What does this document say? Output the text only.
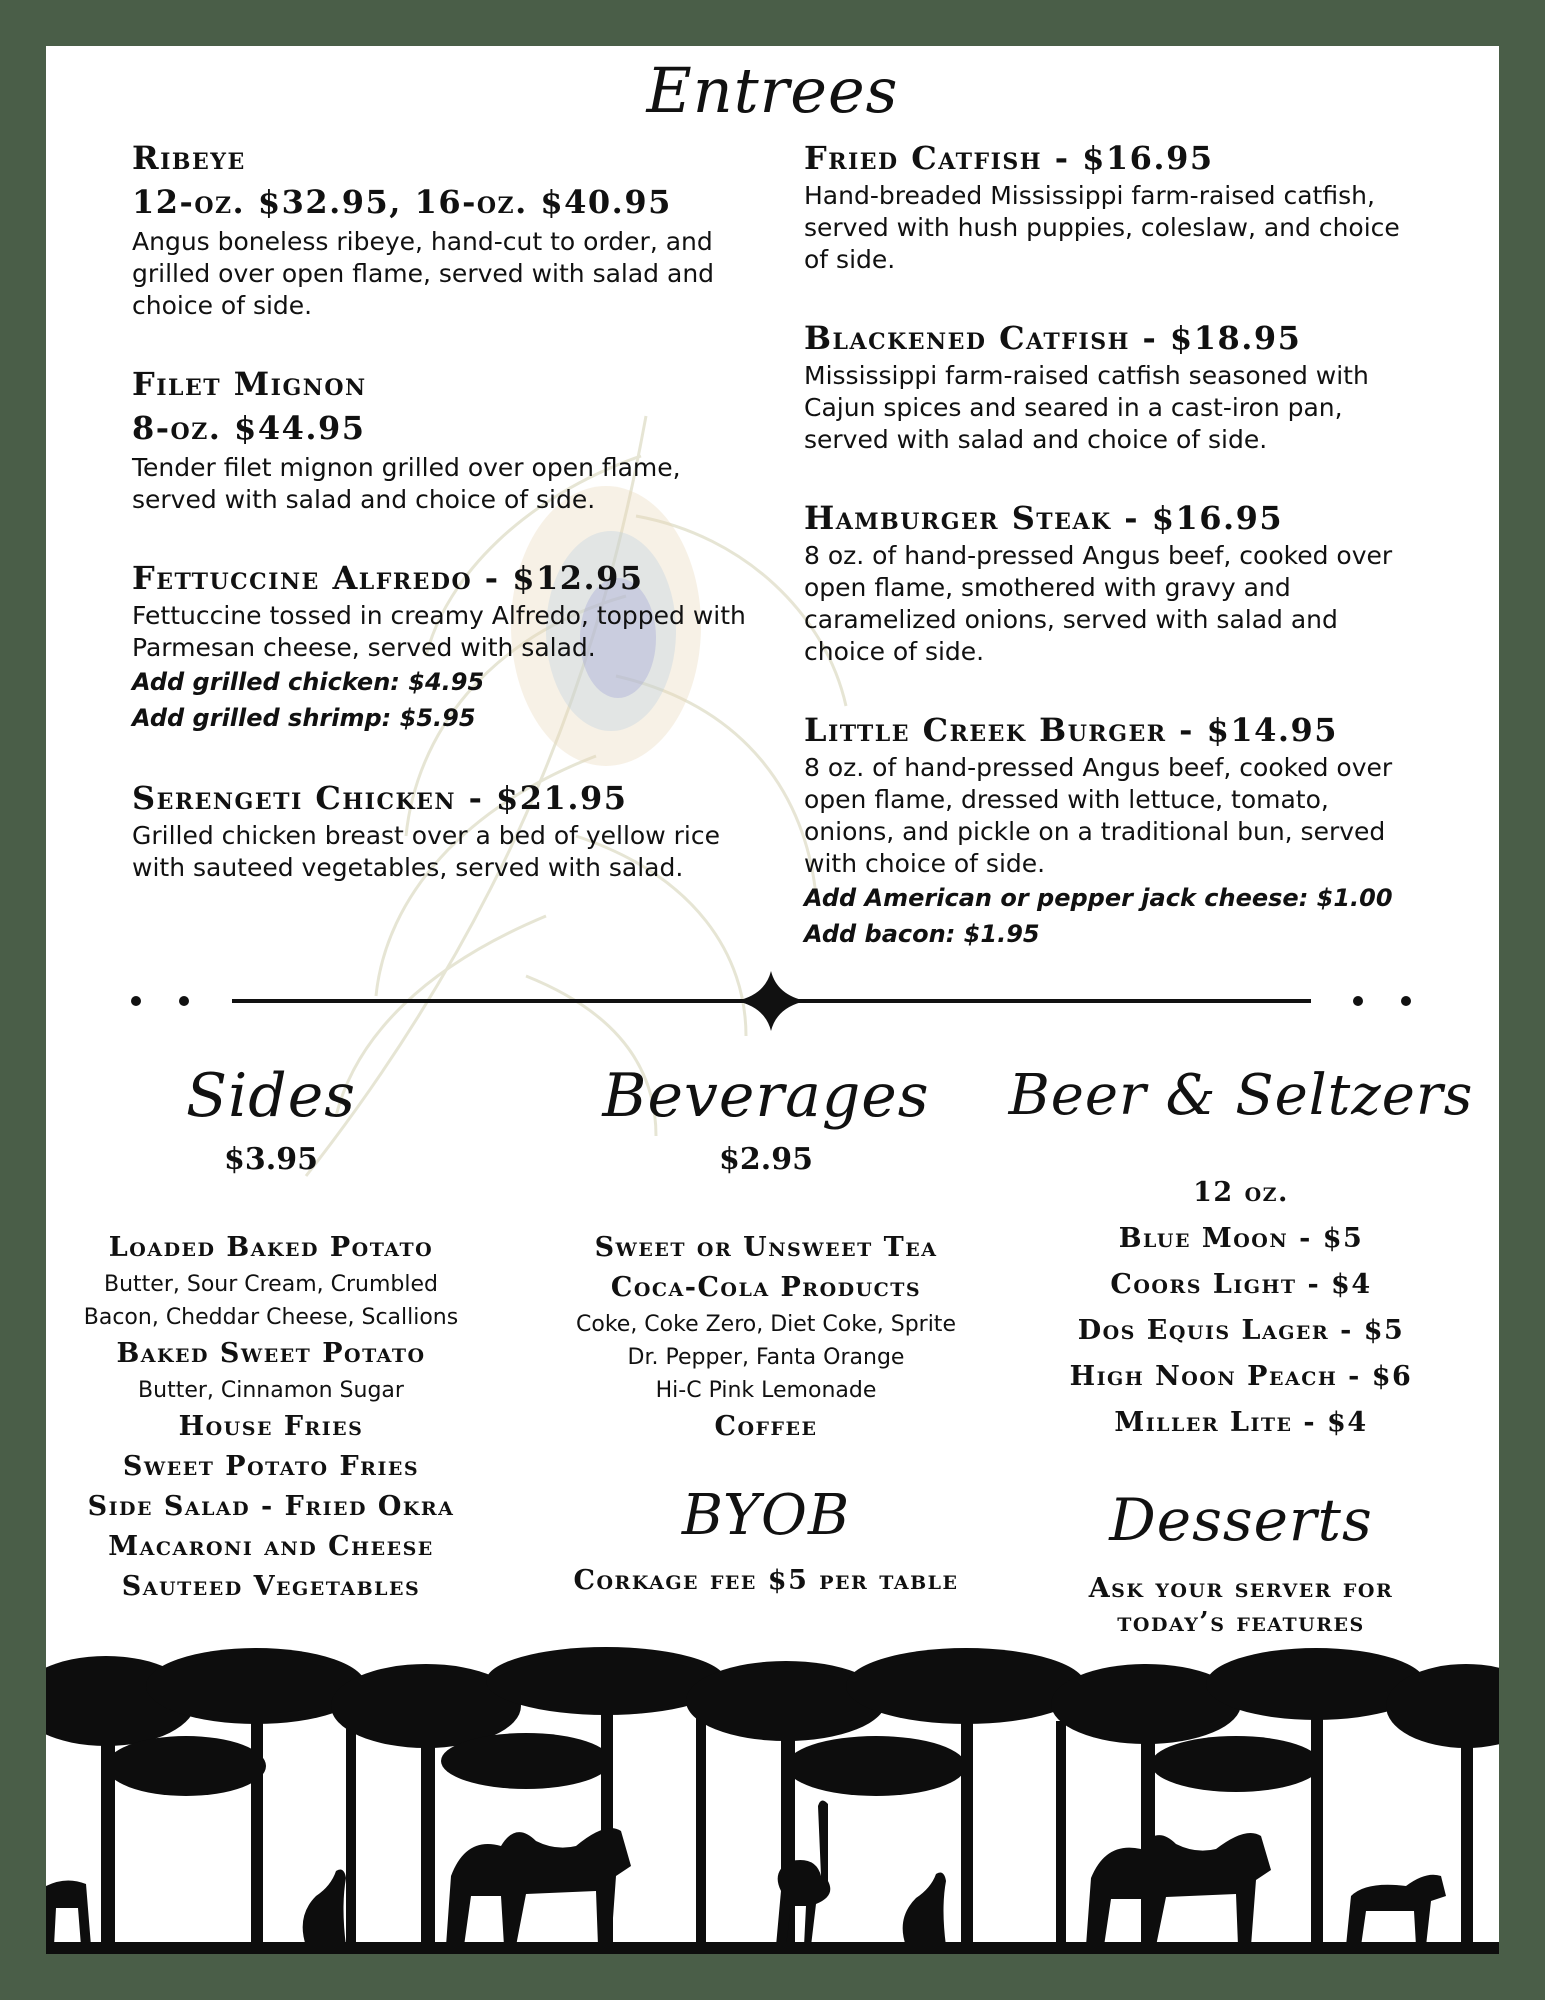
Entrees
Ribeye
12-oz. $32.95, 16-oz. $40.95
Angus boneless ribeye, hand-cut to order, and grilled over open flame, served with salad and choice of side.
Filet Mignon
8-oz. $44.95
Tender filet mignon grilled over open flame, served with salad and choice of side.
Fettuccine Alfredo - $12.95
Fettuccine tossed in creamy Alfredo, topped with Parmesan cheese, served with salad.
Add grilled chicken: $4.95
Add grilled shrimp: $5.95
Serengeti Chicken - $21.95
Grilled chicken breast over a bed of yellow rice with sauteed vegetables, served with salad.
Fried Catfish - $16.95
Hand-breaded Mississippi farm-raised catfish, served with hush puppies, coleslaw, and choice of side.
Blackened Catfish - $18.95
Mississippi farm-raised catfish seasoned with Cajun spices and seared in a cast-iron pan, served with salad and choice of side.
Hamburger Steak - $16.95
8 oz. of hand-pressed Angus beef, cooked over open flame, smothered with gravy and caramelized onions, served with salad and choice of side.
Little Creek Burger - $14.95
8 oz. of hand-pressed Angus beef, cooked over open flame, dressed with lettuce, tomato, onions, and pickle on a traditional bun, served with choice of side.
Add American or pepper jack cheese: $1.00
Add bacon: $1.95
Sides
$3.95
Loaded Baked Potato
Butter, Sour Cream, Crumbled Bacon, Cheddar Cheese, Scallions
Baked Sweet Potato
Butter, Cinnamon Sugar
House Fries
Sweet Potato Fries
Side Salad - Fried Okra
Macaroni and Cheese
Sauteed Vegetables
Beverages
$2.95
Sweet or Unsweet Tea
Coca-Cola Products
Coke, Coke Zero, Diet Coke, Sprite
Dr. Pepper, Fanta Orange
Hi-C Pink Lemonade
Coffee
BYOB
Corkage fee $5 per table
Beer & Seltzers
12 oz.
Blue Moon - $5
Coors Light - $4
Dos Equis Lager - $5
High Noon Peach - $6
Miller Lite - $4
Desserts
Ask your server for
today’s features
